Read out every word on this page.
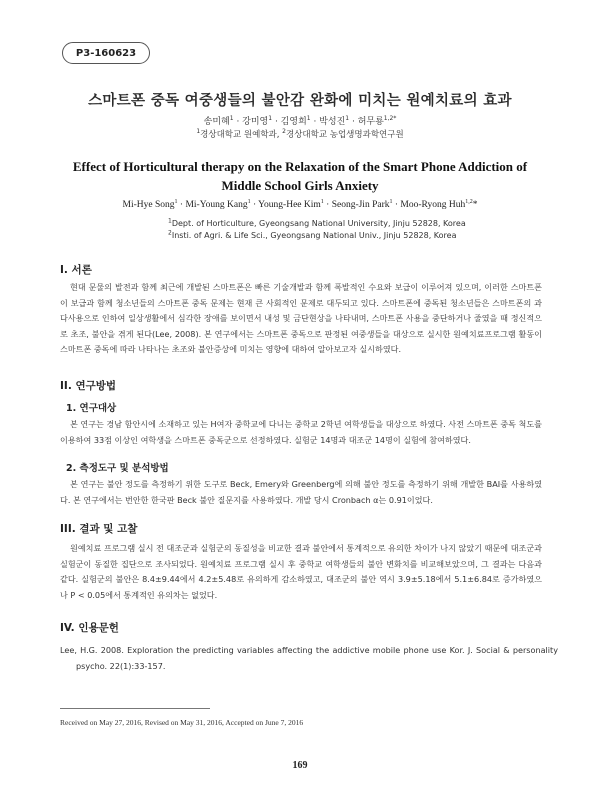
P3-160623
스마트폰 중독 여중생들의 불안감 완화에 미치는 원예치료의 효과
송미혜$^1$ · 강미영$^1$ · 김영희$^1$ · 박성진$^1$ · 허무룡$^{1,2*}$
$^1$경상대학교 원예학과, $^2$경상대학교 농업생명과학연구원
Effect of Horticultural therapy on the Relaxation of the Smart Phone Addiction of Middle School Girls Anxiety
Mi-Hye Song$^1$ · Mi-Young Kang$^1$ · Young-Hee Kim$^1$ · Seong-Jin Park$^1$ · Moo-Ryong Huh$^{1,2}$*
$^1$Dept. of Horticulture, Gyeongsang National University, Jinju 52828, Korea
$^2$Insti. of Agri. & Life Sci., Gyeongsang National Univ., Jinju 52828, Korea
I. 서론
현대 문물의 발전과 함께 최근에 개발된 스마트폰은 빠른 기술개발과 함께 폭발적인 수요와 보급이 이루어져 있으며, 이러한 스마트폰이 보급과 함께 청소년들의 스마트폰 중독 문제는 현재 큰 사회적인 문제로 대두되고 있다. 스마트폰에 중독된 청소년들은 스마트폰의 과다사용으로 인하여 일상생활에서 심각한 장애를 보이면서 내성 및 금단현상을 나타내며, 스마트폰 사용을 중단하거나 줄였을 때 정신적으로 초조, 불안을 겪게 된다(Lee, 2008). 본 연구에서는 스마트폰 중독으로 판정된 여중생들을 대상으로 실시한 원예치료프로그램 활동이 스마트폰 중독에 따라 나타나는 초조와 불안증상에 미치는 영향에 대하여 알아보고자 실시하였다.
II. 연구방법
1. 연구대상
본 연구는 경남 함안시에 소재하고 있는 H여자 중학교에 다니는 중학교 2학년 여학생들을 대상으로 하였다. 사전 스마트폰 중독 척도를 이용하여 33점 이상인 여학생을 스마트폰 중독군으로 선정하였다. 실험군 14명과 대조군 14명이 실험에 참여하였다.
2. 측정도구 및 분석방법
본 연구는 불안 정도를 측정하기 위한 도구로 Beck, Emery와 Greenberg에 의해 불안 정도를 측정하기 위해 개발한 BAI를 사용하였다. 본 연구에서는 번안한 한국판 Beck 불안 질문지를 사용하였다. 개발 당시 Cronbach α는 0.91이었다.
III. 결과 및 고찰
원예치료 프로그램 실시 전 대조군과 실험군의 동질성을 비교한 결과 불안에서 통계적으로 유의한 차이가 나지 않았기 때문에 대조군과 실험군이 동질한 집단으로 조사되었다. 원예치료 프로그램 실시 후 중학교 여학생들의 불안 변화치를 비교해보았으며, 그 결과는 다음과 같다. 실험군의 불안은 8.4±9.44에서 4.2±5.48로 유의하게 감소하였고, 대조군의 불안 역시 3.9±5.18에서 5.1±6.84로 증가하였으나 P < 0.05에서 통계적인 유의차는 없었다.
IV. 인용문헌
Lee, H.G. 2008. Exploration the predicting variables affecting the addictive mobile phone use Kor. J. Social & personality psycho. 22(1):33-157.
Received on May 27, 2016, Revised on May 31, 2016, Accepted on June 7, 2016
169
